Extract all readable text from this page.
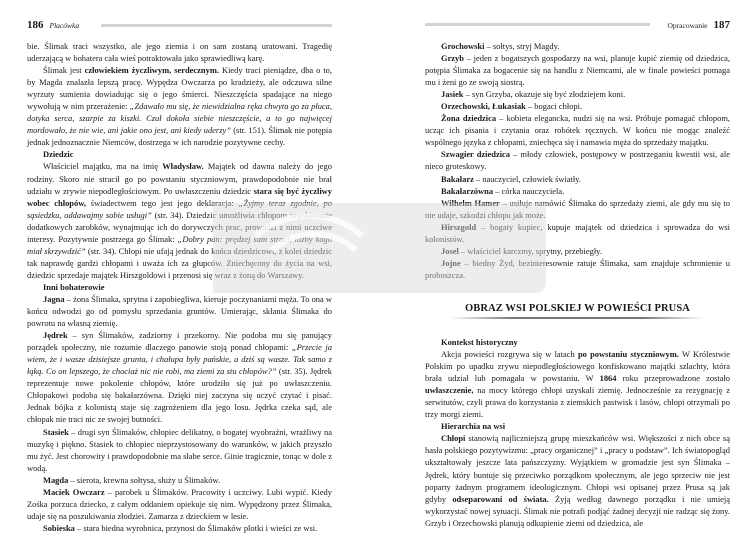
186 Placówka

bie. Ślimak traci wszystko, ale jego ziemia i on sam zostaną uratowani. Tragedię uderzającą w bohatera cała wieś potraktowała jako sprawiedliwą karę.

Ślimak jest człowiekiem życzliwym, serdecznym. Kiedy traci pieniądze, dba o to, by Magda znalazła lepszą pracę. Wypędza Owczarza po kradzieży, ale odczuwa silne wyrzuty sumienia dowiadując się o jego śmierci. Nieszczęścia spadające na niego wywołują w nim przerażenie: „Zdawało mu się, że niewidzialna ręka chwyta go za płuca, dotyka serca, szarpie za kiszki. Czuł dokoła siebie nieszczęście, a to go najwięcej mordowało, że nie wie, ani jakie ono jest, ani kiedy uderzy” (str. 151). Ślimak nie potępia jednak jednoznacznie Niemców, dostrzega w ich narodzie pozytywne cechy.

Dziedzic

Właściciel majątku, ma na imię Władysław. Majątek od dawna należy do jego rodziny. Skoro nie stracił go po powstaniu styczniowym, prawdopodobnie nie brał udziału w zrywie niepodległościowym. Po uwłaszczeniu dziedzic stara się być życzliwy wobec chłopów, świadectwem tego jest jego deklaracja: „Żyjmy teraz zgodnie, po sąsiedzku, oddawajmy sobie usługi” (str. 34). Dziedzic umożliwia chłopom uzyskiwanie dodatkowych zarobków, wynajmując ich do dorywczych prac, prowadzi z nimi uczciwe interesy. Pozytywnie postrzega go Ślimak: „Dobry pan: prędzej sam straci, niżby kogo miał skrzywdzić” (str. 34). Chłopi nie ufają jednak do końca dziedzicowi, z kolei dziedzic tak naprawdę gardzi chłopami i uważa ich za głupców. Zniechęcony do życia na wsi, dziedzic sprzedaje majątek Hirszgoldowi i przenosi się wraz z żoną do Warszawy.

Inni bohaterowie

Jagna – żona Ślimaka, sprytna i zapobiegliwa, kieruje poczynaniami męża. To ona w końcu odwodzi go od pomysłu sprzedania gruntów. Umierając, skłania Ślimaka do powrotu na własną ziemię.

Jędrek – syn Ślimaków, zadziorny i przekorny. Nie podoba mu się panujący porządek społeczny, nie rozumie dlaczego panowie stoją ponad chłopami: „Przecie ja wiem, że i wasze dzisiejsze grunta, i chałupa były pańskie, a dziś są wasze. Tak samo z łąką. Co on lepszego, że chociaż nic nie robi, ma ziemi za stu chłopów?” (str. 35). Jędrek reprezentuje nowe pokolenie chłopów, które urodziło się już po uwłaszczeniu. Chłopakowi podoba się bakałarzówna. Dzięki niej zaczyna się uczyć czytać i pisać. Jednak bójka z kolonistą staje się zagrożeniem dla jego losu. Jędrka czeka sąd, ale chłopak nie traci nic ze swojej butności.

Stasiek – drugi syn Ślimaków, chłopiec delikatny, o bogatej wyobraźni, wrażliwy na muzykę i piękno. Stasiek to chłopiec nieprzystosowany do warunków, w jakich przyszło mu żyć. Jest chorowity i prawdopodobnie ma słabe serce. Ginie tragicznie, tonąc w dole z wodą.

Magda – sierota, krewna sołtysa, służy u Ślimaków.

Maciek Owczarz – parobek u Ślimaków. Pracowity i uczciwy. Lubi wypić. Kiedy Zośka porzuca dziecko, z całym oddaniem opiekuje się nim. Wypędzony przez Ślimaka, udaje się na poszukiwania złodziei. Zamarza z dzieckiem w lesie.

Sobieska – stara biedna wyrobnica, przynosi do Ślimaków plotki i wieści ze wsi.

Opracowanie 187

Grochowski – sołtys, stryj Magdy.

Grzyb – jeden z bogatszych gospodarzy na wsi, planuje kupić ziemię od dziedzica, potępia Ślimaka za bogacenie się na handlu z Niemcami, ale w finale powieści pomaga mu i żeni go ze swoją siostrą.

Jasiek – syn Grzyba, okazuje się być złodziejem koni.

Orzechowski, Łukasiak – bogaci chłopi.

Żona dziedzica – kobieta elegancka, nudzi się na wsi. Próbuje pomagać chłopom, ucząc ich pisania i czytania oraz robótek ręcznych. W końcu nie mogąc znaleźć wspólnego języka z chłopami, zniechęca się i namawia męża do sprzedaży majątku.

Szwagier dziedzica – młody człowiek, postępowy w postrzeganiu kwestii wsi, ale nieco groteskowy.

Bakałarz – nauczyciel, człowiek światły.

Bakałarzówna – córka nauczyciela.

Wilhelm Hamer – usiłuje namówić Ślimaka do sprzedaży ziemi, ale gdy mu się to nie udaje, szkodzi chłopu jak może.

Hirszgold – bogaty kupiec, kupuje majątek od dziedzica i sprowadza do wsi kolonistów.

Josel – właściciel karczmy, sprytny, przebiegły.

Jojne – biedny Żyd, bezinteresownie ratuje Ślimaka, sam znajduje schronienie u proboszcza.

OBRAZ WSI POLSKIEJ W POWIEŚCI PRUSA

Kontekst historyczny

Akcja powieści rozgrywa się w latach po powstaniu styczniowym. W Królestwie Polskim po upadku zrywu niepodległościowego konfiskowano majątki szlachty, która brała udział lub pomagała w powstaniu. W 1864 roku przeprowadzone zostało uwłaszczenie, na mocy którego chłopi uzyskali ziemię. Jednocześnie za rezygnację z serwitutów, czyli prawa do korzystania z ziemskich pastwisk i lasów, chłopi otrzymali po trzy morgi ziemi.

Hierarchia na wsi

Chłopi stanowią najliczniejszą grupę mieszkańców wsi. Większości z nich obce są hasła polskiego pozytywizmu: „pracy organicznej” i „pracy u podstaw”. Ich światopogląd ukształtowały jeszcze lata pańszczyzny. Wyjątkiem w gromadzie jest syn Ślimaka – Jędrek, który buntuje się przeciwko porządkom społecznym, ale jego sprzeciw nie jest poparty żadnym programem ideologicznym. Chłopi wsi opisanej przez Prusa są jak gdyby odseparowani od świata. Żyją według dawnego porządku i nie umieją wykorzystać nowej sytuacji. Ślimak nie potrafi podjąć żadnej decyzji nie radząc się żony. Grzyb i Orzechowski planują odkupienie ziemi od dziedzica, ale
